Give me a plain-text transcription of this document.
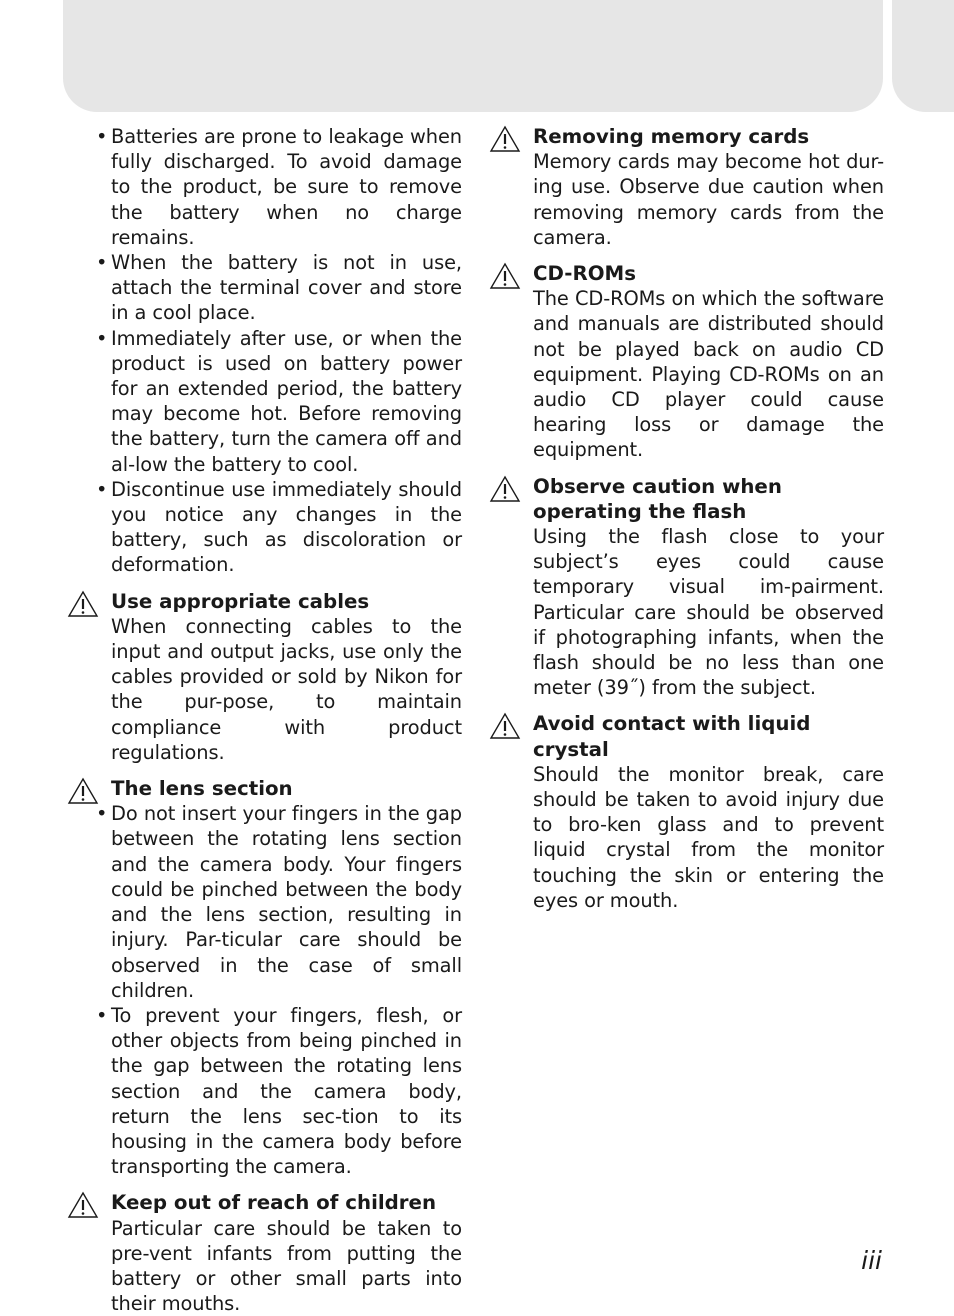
• Batteries are prone to leakage when fully discharged. To avoid damage to the product, be sure to remove the battery when no charge remains.
• When the battery is not in use, attach the terminal cover and store in a cool place.
• Immediately after use, or when the product is used on battery power for an extended period, the battery may become hot. Before removing the battery, turn the camera off and al-low the battery to cool.
• Discontinue use immediately should you notice any changes in the battery, such as discoloration or deformation.

Use appropriate cables

When connecting cables to the input and output jacks, use only the cables provided or sold by Nikon for the pur-pose, to maintain compliance with product regulations.

The lens section

• Do not insert your fingers in the gap between the rotating lens section and the camera body. Your fingers could be pinched between the body and the lens section, resulting in injury. Par-ticular care should be observed in the case of small children.
• To prevent your fingers, flesh, or other objects from being pinched in the gap between the rotating lens section and the camera body, return the lens sec-tion to its housing in the camera body before transporting the camera.

Keep out of reach of children

Particular care should be taken to pre-vent infants from putting the battery or other small parts into their mouths.

Removing memory cards

Memory cards may become hot dur-ing use. Observe due caution when removing memory cards from the camera.

CD-ROMs

The CD-ROMs on which the software and manuals are distributed should not be played back on audio CD equipment. Playing CD-ROMs on an audio CD player could cause hearing loss or damage the equipment.

Observe caution when operating the flash

Using the flash close to your subject’s eyes could cause temporary visual im-pairment. Particular care should be observed if photographing infants, when the flash should be no less than one meter (39˝) from the subject.

Avoid contact with liquid crystal

Should the monitor break, care should be taken to avoid injury due to bro-ken glass and to prevent liquid crystal from the monitor touching the skin or entering the eyes or mouth.

iii
